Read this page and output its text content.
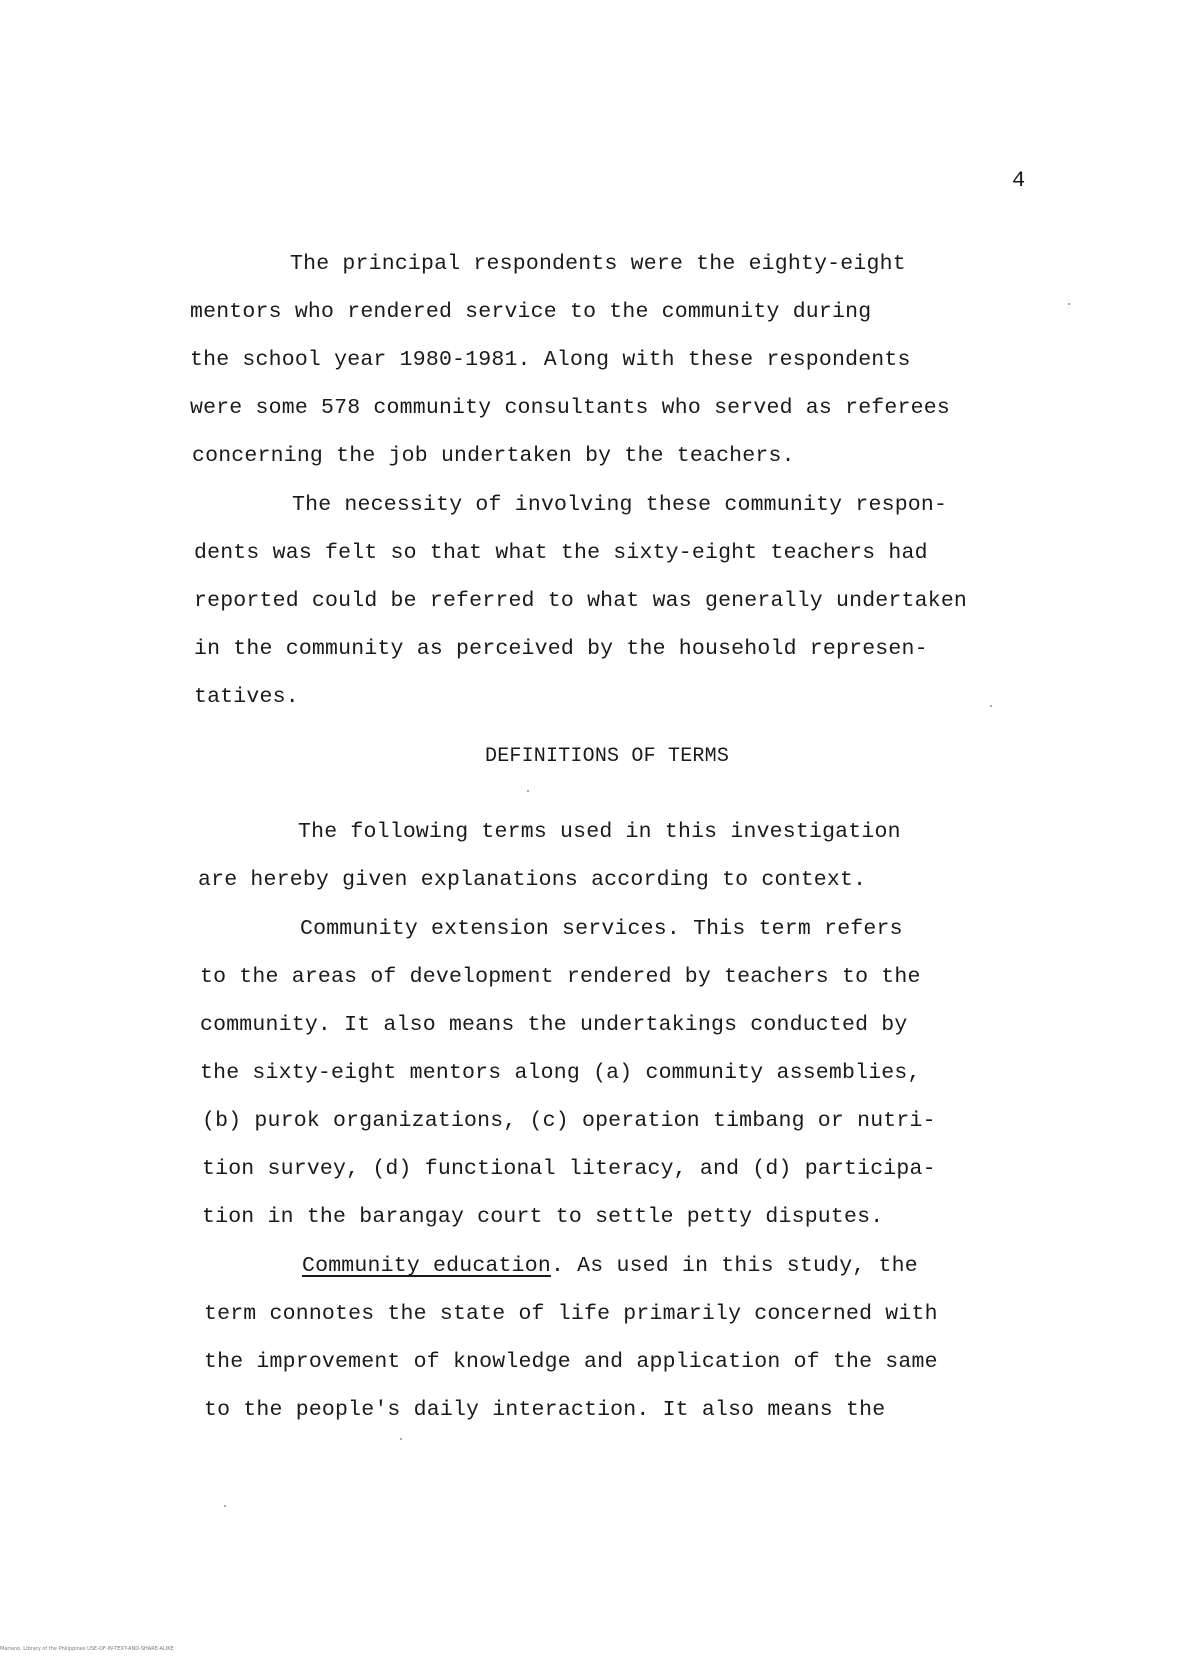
4
The principal respondents were the eighty-eight
mentors who rendered service to the community during
the school year 1980-1981. Along with these respondents
were some 578 community consultants who served as referees
concerning the job undertaken by the teachers.
The necessity of involving these community respon-
dents was felt so that what the sixty-eight teachers had
reported could be referred to what was generally undertaken
in the community as perceived by the household represen-
tatives.
DEFINITIONS OF TERMS
The following terms used in this investigation
are hereby given explanations according to context.
Community extension services. This term refers
to the areas of development rendered by teachers to the
community. It also means the undertakings conducted by
the sixty-eight mentors along (a) community assemblies,
(b) purok organizations, (c) operation timbang or nutri-
tion survey, (d) functional literacy, and (d) participa-
tion in the barangay court to settle petty disputes.
Community education. As used in this study, the
term connotes the state of life primarily concerned with
the improvement of knowledge and application of the same
to the people's daily interaction. It also means the
Mariano, Library of the Philippines USE-OF-IN-TEXT-AND-SHARE-ALIKE
